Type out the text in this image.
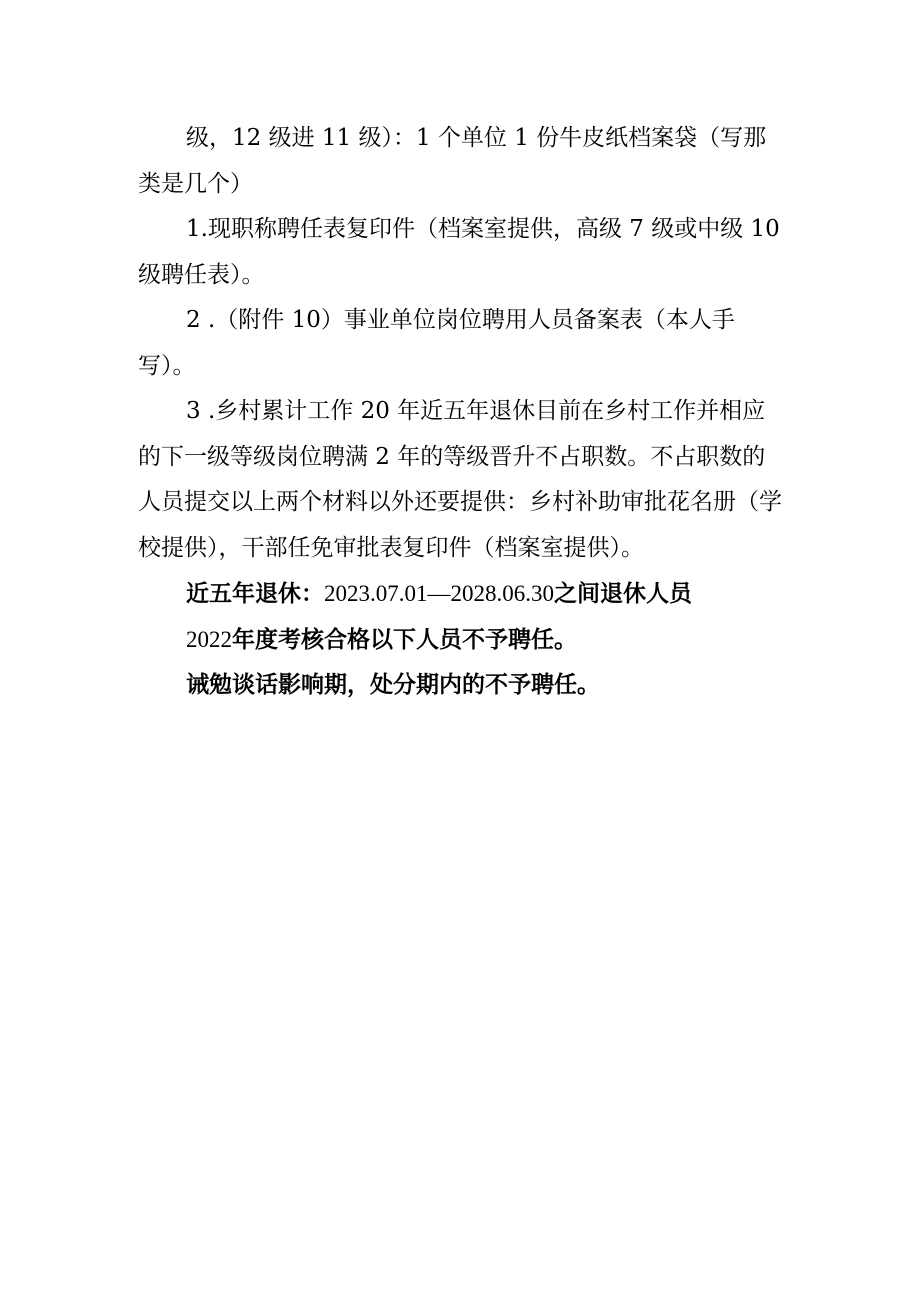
级，12 级进 11 级）：1 个单位 1 份牛皮纸档案袋（写那类是几个）

1.现职称聘任表复印件（档案室提供，高级 7 级或中级 10 级聘任表）。

2 .（附件 10）事业单位岗位聘用人员备案表（本人手写）。

3 .乡村累计工作 20 年近五年退休目前在乡村工作并相应的下一级等级岗位聘满 2 年的等级晋升不占职数。不占职数的人员提交以上两个材料以外还要提供：乡村补助审批花名册（学校提供），干部任免审批表复印件（档案室提供）。

近五年退休：2023.07.01—2028.06.30之间退休人员

2022年度考核合格以下人员不予聘任。

诫勉谈话影响期，处分期内的不予聘任。
